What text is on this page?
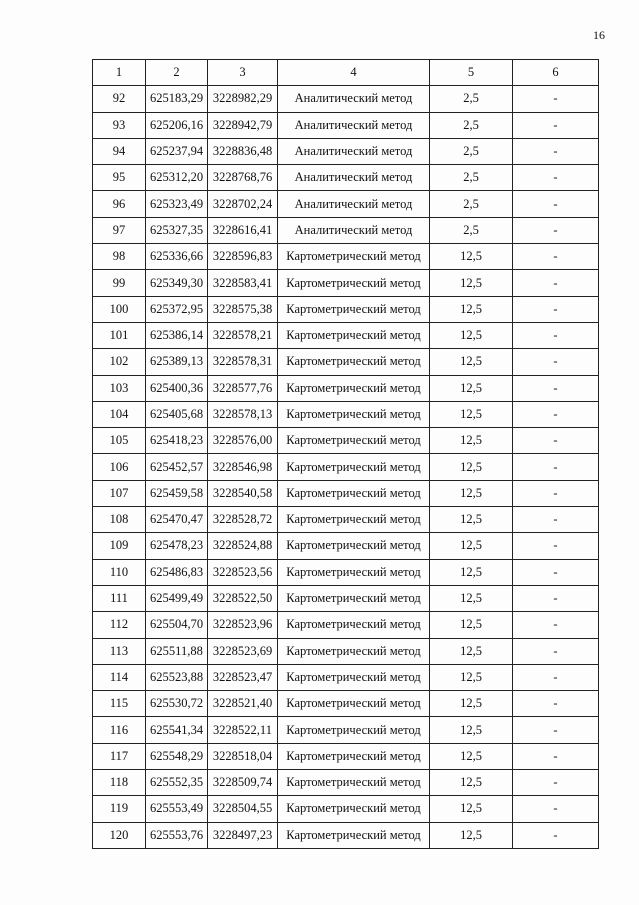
16
1	2	3	4	5	6
92	625183,29	3228982,29	Аналитический метод	2,5	-
93	625206,16	3228942,79	Аналитический метод	2,5	-
94	625237,94	3228836,48	Аналитический метод	2,5	-
95	625312,20	3228768,76	Аналитический метод	2,5	-
96	625323,49	3228702,24	Аналитический метод	2,5	-
97	625327,35	3228616,41	Аналитический метод	2,5	-
98	625336,66	3228596,83	Картометрический метод	12,5	-
99	625349,30	3228583,41	Картометрический метод	12,5	-
100	625372,95	3228575,38	Картометрический метод	12,5	-
101	625386,14	3228578,21	Картометрический метод	12,5	-
102	625389,13	3228578,31	Картометрический метод	12,5	-
103	625400,36	3228577,76	Картометрический метод	12,5	-
104	625405,68	3228578,13	Картометрический метод	12,5	-
105	625418,23	3228576,00	Картометрический метод	12,5	-
106	625452,57	3228546,98	Картометрический метод	12,5	-
107	625459,58	3228540,58	Картометрический метод	12,5	-
108	625470,47	3228528,72	Картометрический метод	12,5	-
109	625478,23	3228524,88	Картометрический метод	12,5	-
110	625486,83	3228523,56	Картометрический метод	12,5	-
111	625499,49	3228522,50	Картометрический метод	12,5	-
112	625504,70	3228523,96	Картометрический метод	12,5	-
113	625511,88	3228523,69	Картометрический метод	12,5	-
114	625523,88	3228523,47	Картометрический метод	12,5	-
115	625530,72	3228521,40	Картометрический метод	12,5	-
116	625541,34	3228522,11	Картометрический метод	12,5	-
117	625548,29	3228518,04	Картометрический метод	12,5	-
118	625552,35	3228509,74	Картометрический метод	12,5	-
119	625553,49	3228504,55	Картометрический метод	12,5	-
120	625553,76	3228497,23	Картометрический метод	12,5	-
